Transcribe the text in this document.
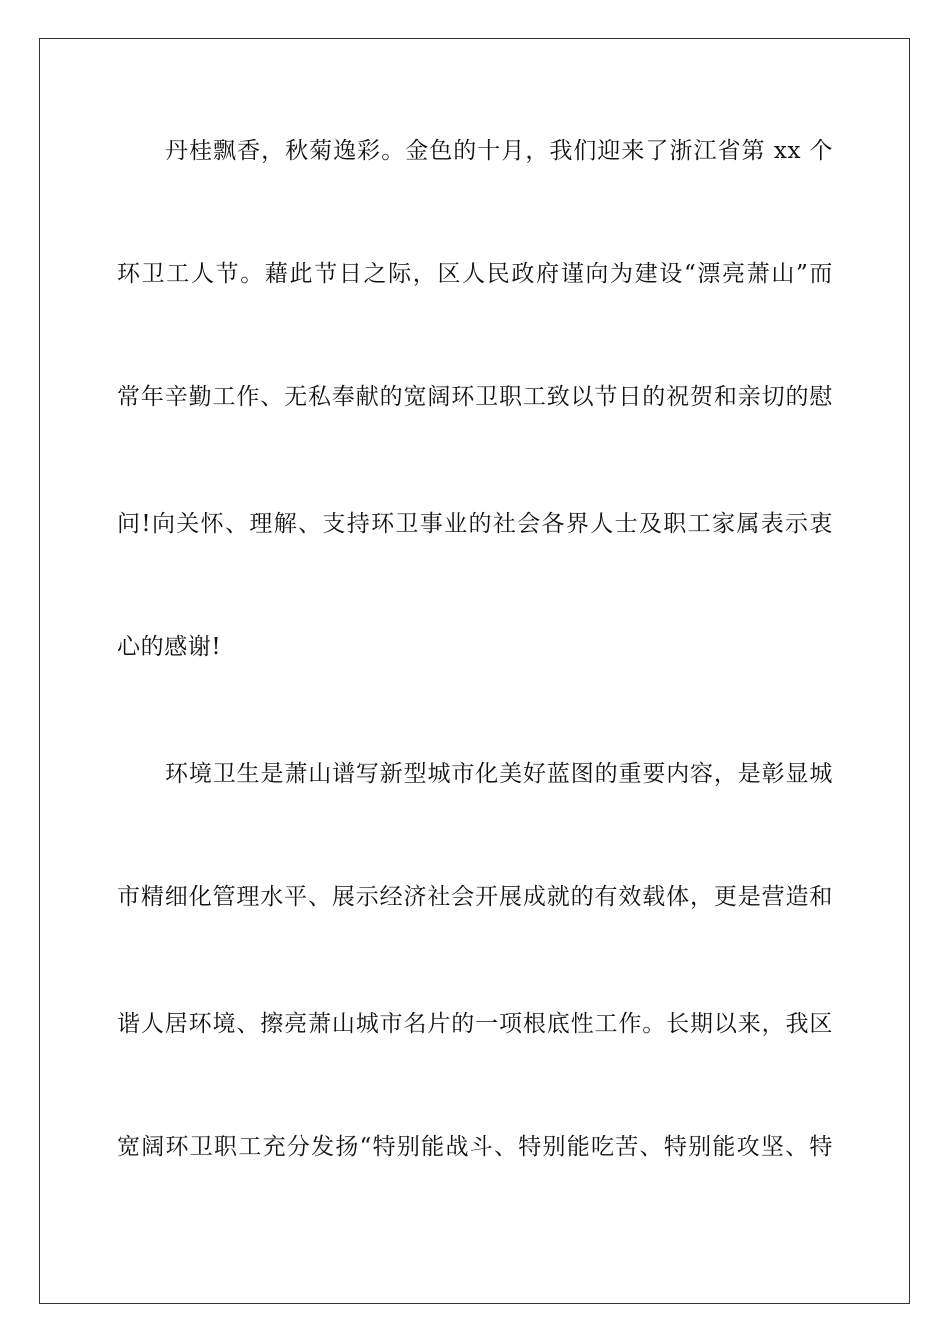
丹桂飘香，秋菊逸彩。金色的十月，我们迎来了浙江省第 xx 个
环卫工人节。藉此节日之际，区人民政府谨向为建设“漂亮萧山”而
常年辛勤工作、无私奉献的宽阔环卫职工致以节日的祝贺和亲切的慰
问!向关怀、理解、支持环卫事业的社会各界人士及职工家属表示衷
心的感谢!
环境卫生是萧山谱写新型城市化美好蓝图的重要内容，是彰显城
市精细化管理水平、展示经济社会开展成就的有效载体，更是营造和
谐人居环境、擦亮萧山城市名片的一项根底性工作。长期以来，我区
宽阔环卫职工充分发扬“特别能战斗、特别能吃苦、特别能攻坚、特
